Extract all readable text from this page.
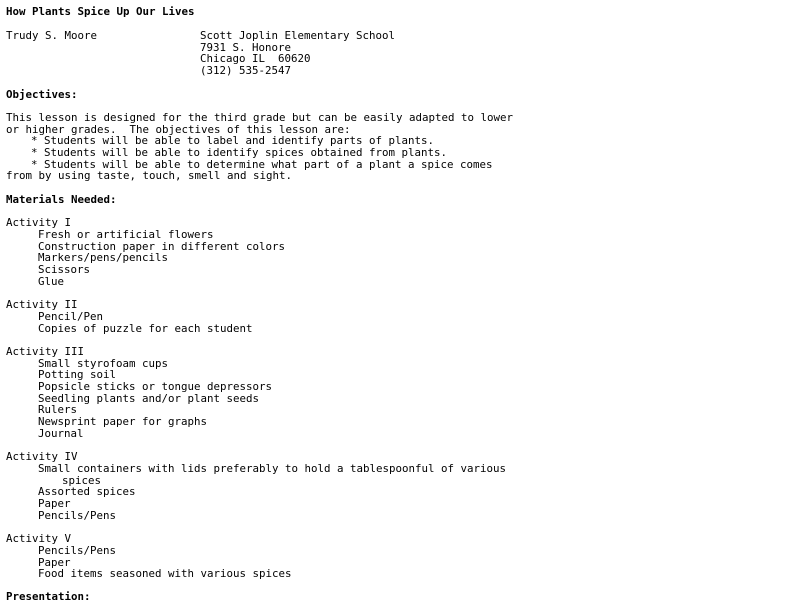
How Plants Spice Up Our Lives
Trudy S. Moore	Scott Joplin Elementary School
7931 S. Honore
Chicago IL  60620
(312) 535-2547
Objectives:
This lesson is designed for the third grade but can be easily adapted to lower
or higher grades.  The objectives of this lesson are:
* Students will be able to label and identify parts of plants.
* Students will be able to identify spices obtained from plants.
* Students will be able to determine what part of a plant a spice comes
from by using taste, touch, smell and sight.
Materials Needed:
Activity I
Fresh or artificial flowers
Construction paper in different colors
Markers/pens/pencils
Scissors
Glue
Activity II
Pencil/Pen
Copies of puzzle for each student
Activity III
Small styrofoam cups
Potting soil
Popsicle sticks or tongue depressors
Seedling plants and/or plant seeds
Rulers
Newsprint paper for graphs
Journal
Activity IV
Small containers with lids preferably to hold a tablespoonful of various
spices
Assorted spices
Paper
Pencils/Pens
Activity V
Pencils/Pens
Paper
Food items seasoned with various spices
Presentation:
